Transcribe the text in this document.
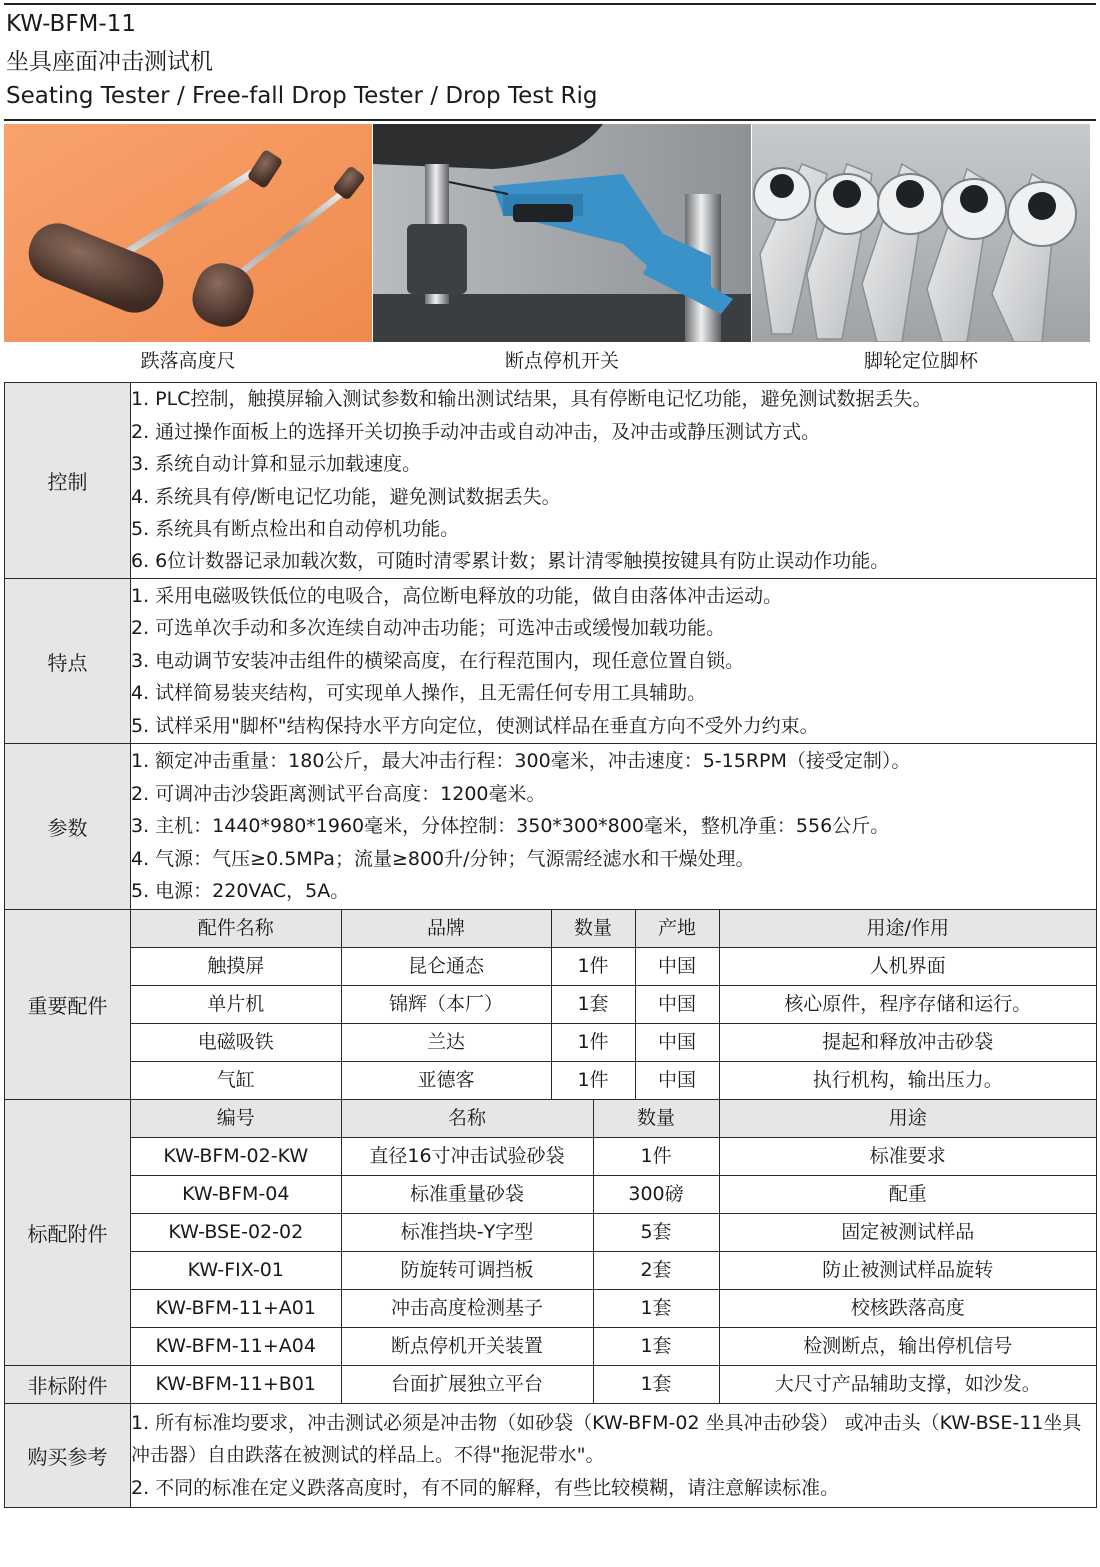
KW-BFM-11
坐具座面冲击测试机
Seating Tester / Free-fall Drop Tester / Drop Test Rig
跌落高度尺	断点停机开关	脚轮定位脚杯
控制	
1. PLC控制，触摸屏输入测试参数和输出测试结果，具有停断电记忆功能，避免测试数据丢失。
2. 通过操作面板上的选择开关切换手动冲击或自动冲击，及冲击或静压测试方式。
3. 系统自动计算和显示加载速度。
4. 系统具有停/断电记忆功能，避免测试数据丢失。
5. 系统具有断点检出和自动停机功能。
6. 6位计数器记录加载次数，可随时清零累计数；累计清零触摸按键具有防止误动作功能。

特点	
1. 采用电磁吸铁低位的电吸合，高位断电释放的功能，做自由落体冲击运动。
2. 可选单次手动和多次连续自动冲击功能；可选冲击或缓慢加载功能。
3. 电动调节安装冲击组件的横梁高度，在行程范围内，现任意位置自锁。
4. 试样简易装夹结构，可实现单人操作，且无需任何专用工具辅助。
5. 试样采用"脚杯"结构保持水平方向定位，使测试样品在垂直方向不受外力约束。

参数	
1. 额定冲击重量：180公斤，最大冲击行程：300毫米，冲击速度：5-15RPM（接受定制）。
2. 可调冲击沙袋距离测试平台高度：1200毫米。
3. 主机：1440*980*1960毫米，分体控制：350*300*800毫米，整机净重：556公斤。
4. 气源：气压≥0.5MPa；流量≥800升/分钟；气源需经滤水和干燥处理。
5. 电源：220VAC，5A。

重要配件	
配件名称	品牌	数量	产地	用途/作用
触摸屏	昆仑通态	1件	中国	人机界面
单片机	锦辉（本厂）	1套	中国	核心原件，程序存储和运行。
电磁吸铁	兰达	1件	中国	提起和释放冲击砂袋
气缸	亚德客	1件	中国	执行机构，输出压力。

标配附件	
编号	名称	数量	用途
KW-BFM-02-KW	直径16寸冲击试验砂袋	1件	标准要求
KW-BFM-04	标准重量砂袋	300磅	配重
KW-BSE-02-02	标准挡块-Y字型	5套	固定被测试样品
KW-FIX-01	防旋转可调挡板	2套	防止被测试样品旋转
KW-BFM-11+A01	冲击高度检测基子	1套	校核跌落高度
KW-BFM-11+A04	断点停机开关装置	1套	检测断点，输出停机信号

非标附件		KW-BFM-11+B01	台面扩展独立平台	1套	大尺寸产品辅助支撑，如沙发。

购买参考	
1. 所有标准均要求，冲击测试必须是冲击物（如砂袋（KW-BFM-02 坐具冲击砂袋） 或冲击头（KW-BSE-11坐具冲击器）自由跌落在被测试的样品上。不得"拖泥带水"。
2. 不同的标准在定义跌落高度时，有不同的解释，有些比较模糊，请注意解读标准。
